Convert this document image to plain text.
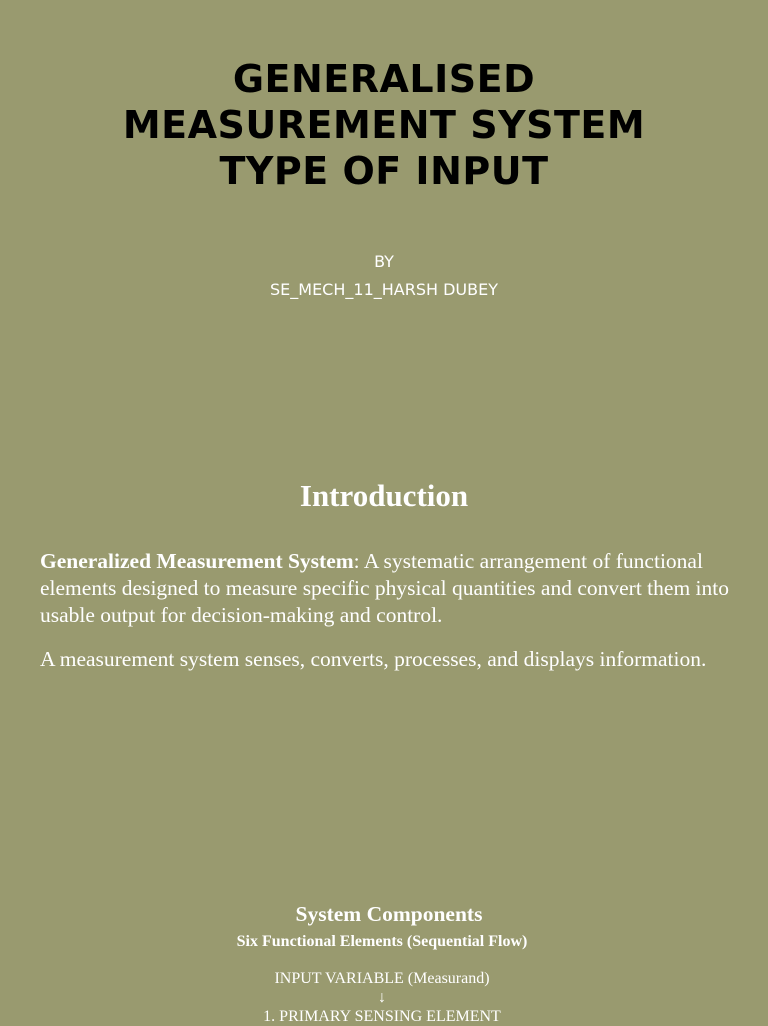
GENERALISED
MEASUREMENT SYSTEM
TYPE OF INPUT
BY
SE_MECH_11_HARSH DUBEY
Introduction

Generalized Measurement System: A systematic arrangement of functional elements designed to measure specific physical quantities and convert them into usable output for decision-making and control.

A measurement system senses, converts, processes, and displays information.

System Components
Six Functional Elements (Sequential Flow)
INPUT VARIABLE (Measurand)
↓
1. PRIMARY SENSING ELEMENT
